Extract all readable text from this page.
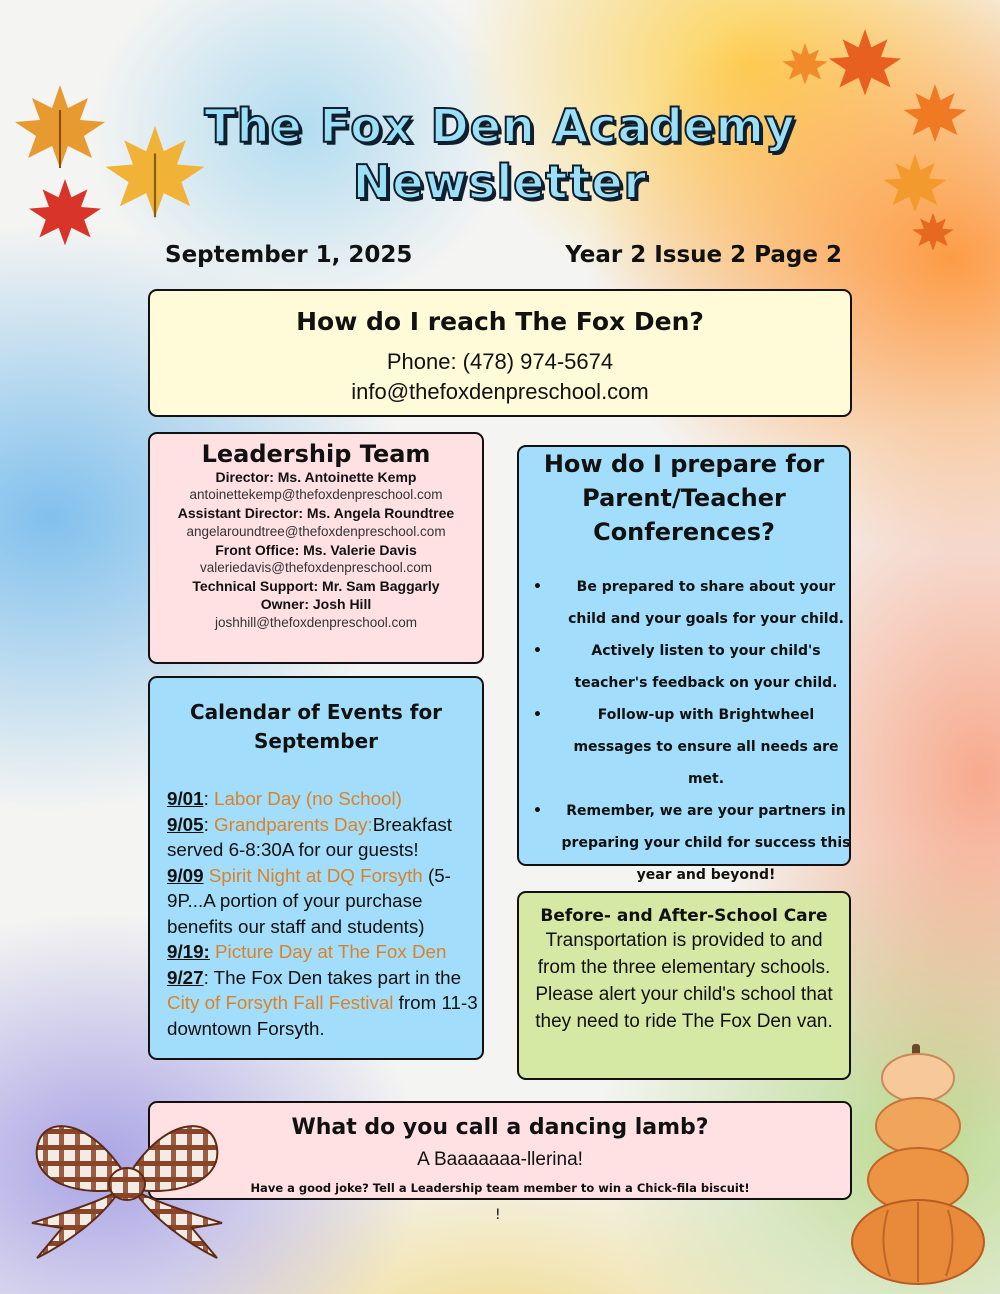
The Fox Den Academy
Newsletter
September 1, 2025	Year 2 Issue 2 Page 2
How do I reach The Fox Den?
Phone: (478) 974-5674
info@thefoxdenpreschool.com
Leadership Team
Director: Ms. Antoinette Kemp
antoinettekemp@thefoxdenpreschool.com
Assistant Director: Ms. Angela Roundtree
angelaroundtree@thefoxdenpreschool.com
Front Office: Ms. Valerie Davis
valeriedavis@thefoxdenpreschool.com
Technical Support: Mr. Sam Baggarly
Owner: Josh Hill
joshhill@thefoxdenpreschool.com
Calendar of Events for
September
9/01: Labor Day (no School)
9/05: Grandparents Day:Breakfast served 6-8:30A for our guests!
9/09 Spirit Night at DQ Forsyth (5-9P...A portion of your purchase benefits our staff and students)
9/19: Picture Day at The Fox Den
9/27: The Fox Den takes part in the City of Forsyth Fall Festival from 11-3 downtown Forsyth.
How do I prepare for
Parent/Teacher
Conferences?
• Be prepared to share about your child and your goals for your child.
•	Actively listen to your child's teacher's feedback on your child.
•	Follow-up with Brightwheel messages to ensure all needs are met.
• Remember, we are your partners in preparing your child for success this year and beyond!
Before- and After-School Care
Transportation is provided to and from the three elementary schools. Please alert your child's school that they need to ride The Fox Den van.
What do you call a dancing lamb?
A Baaaaaaa-llerina!
Have a good joke? Tell a Leadership team member to win a Chick-fila biscuit!
!
